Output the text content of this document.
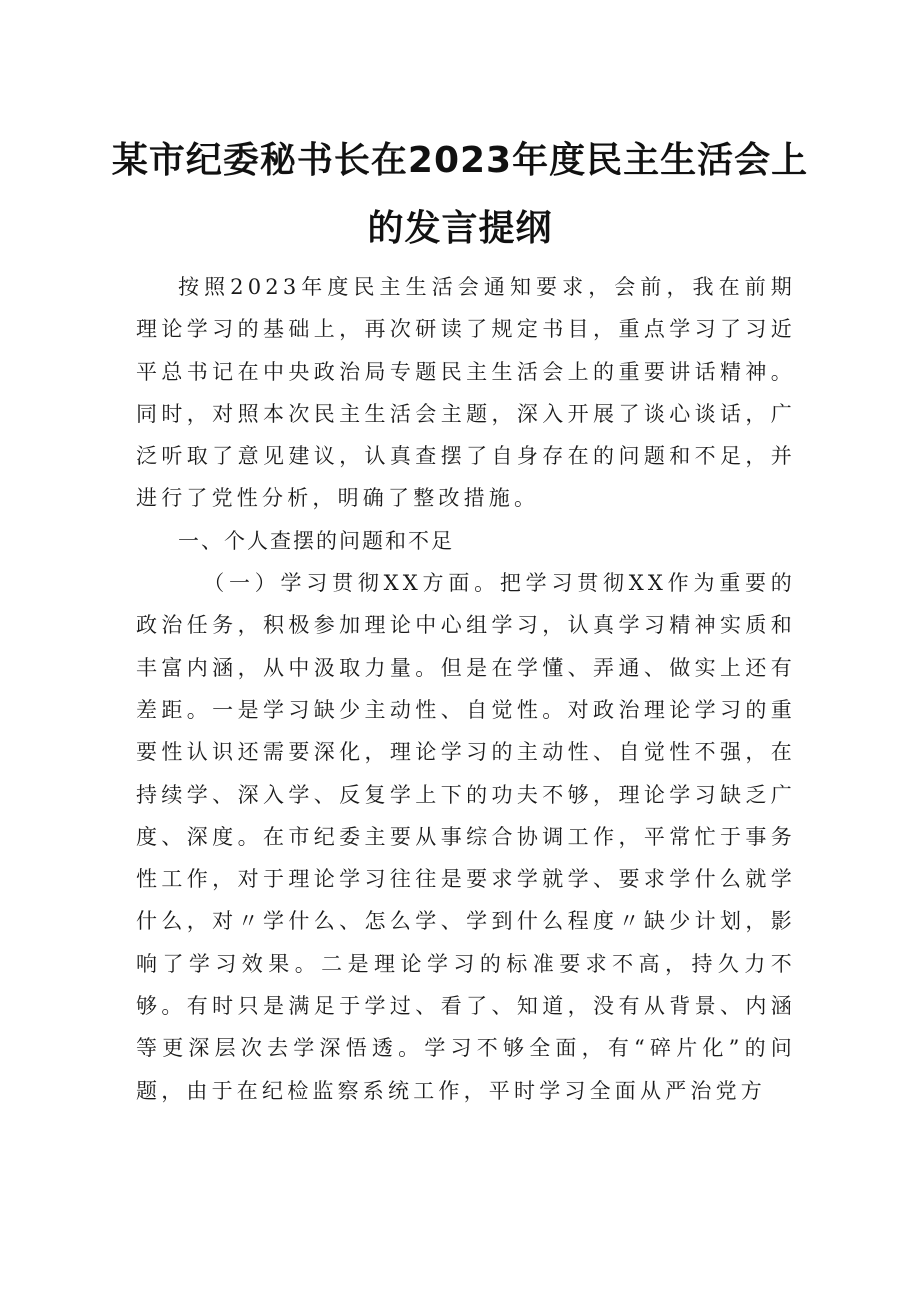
某市纪委秘书长在2023年度民主生活会上
的发言提纲

按照2023年度民主生活会通知要求，会前，我在前期理论学习的基础上，再次研读了规定书目，重点学习了习近平总书记在中央政治局专题民主生活会上的重要讲话精神。同时，对照本次民主生活会主题，深入开展了谈心谈话，广泛听取了意见建议，认真查摆了自身存在的问题和不足，并进行了党性分析，明确了整改措施。

一、个人查摆的问题和不足

（一）学习贯彻XX方面。把学习贯彻XX作为重要的政治任务，积极参加理论中心组学习，认真学习精神实质和丰富内涵，从中汲取力量。但是在学懂、弄通、做实上还有差距。一是学习缺少主动性、自觉性。对政治理论学习的重要性认识还需要深化，理论学习的主动性、自觉性不强，在持续学、深入学、反复学上下的功夫不够，理论学习缺乏广度、深度。在市纪委主要从事综合协调工作，平常忙于事务性工作，对于理论学习往往是要求学就学、要求学什么就学什么，对〃学什么、怎么学、学到什么程度〃缺少计划，影响了学习效果。二是理论学习的标准要求不高，持久力不够。有时只是满足于学过、看了、知道，没有从背景、内涵等更深层次去学深悟透。学习不够全面，有“碎片化”的问题，由于在纪检监察系统工作，平时学习全面从严治党方
